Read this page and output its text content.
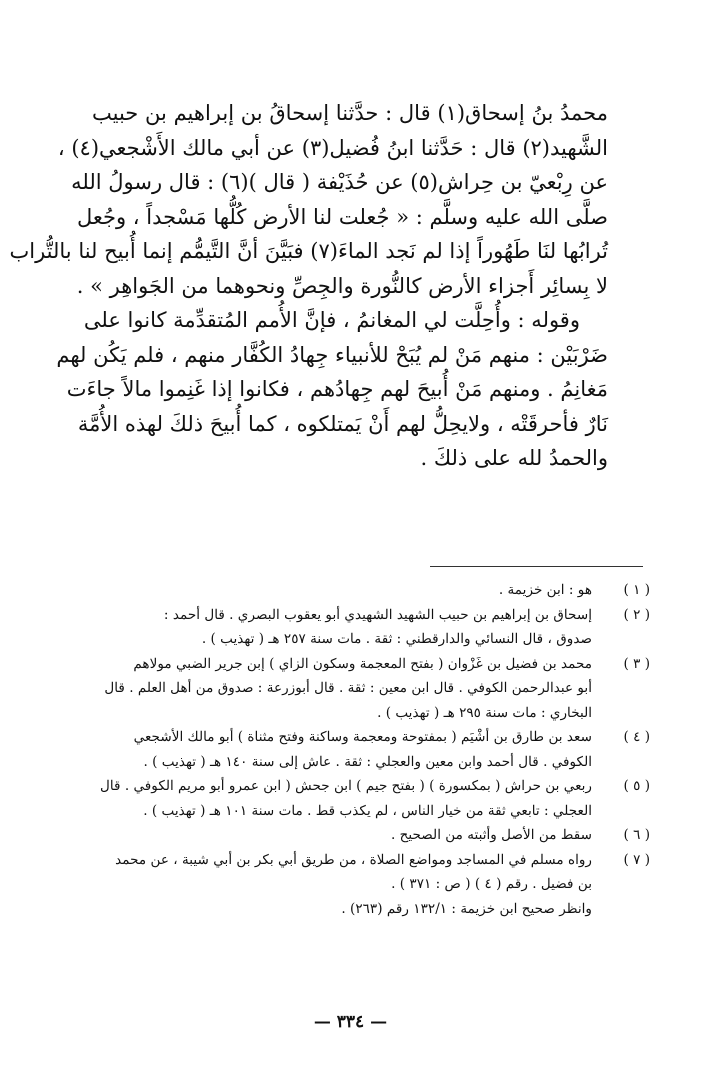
محمدُ بنُ إسحاق(١) قال : حدَّثنا إسحاقُ بن إبراهيم بن حبيب
الشَّهيد(٢) قال : حَدَّثنا ابنُ فُضيل(٣) عن أبي مالك الأَشْجعي(٤) ،
عن رِبْعيّ بن حِراش(٥) عن حُذَيْفة ( قال )(٦) : قال رسولُ الله
صلَّى الله عليه وسلَّم : « جُعلت لنا الأرض كُلُّها مَسْجداً ، وجُعل
تُرابُها لنَا طَهُوراً إذا لم نَجد الماءَ(٧) فبَيَّنَ أنَّ التَّيمُّم إنما أُبيح لنا بالتُّراب
لا بِسائِر أَجزاء الأرض كالنُّورة والجِصِّ ونحوهما من الجَواهِر » .

وقوله : وأُحِلَّت لي المغانمُ ، فإنَّ الأُمم المُتقدِّمة كانوا على
ضَرْبَيْن : منهم مَنْ لم يُبَحْ للأنبياء جِهادُ الكُفَّار منهم ، فلم يَكُن لهم
مَغانِمُ . ومنهم مَنْ أُبيحَ لهم جِهادُهم ، فكانوا إذا غَنِموا مالاً جاءَت
نَارٌ فأحرقَتْه ، ولايحِلُّ لهم أَنْ يَمتلكوه ، كما أُبيحَ ذلكَ لهذه الأُمَّة
والحمدُ لله على ذلكَ .

( ١ )
هو : ابن خزيمة .
( ٢ )
إسحاق بن إبراهيم بن حبيب الشهيد الشهيدي أبو يعقوب البصري . قال أحمد :
صدوق ، قال النسائي والدارقطني : ثقة . مات سنة ٢٥٧ هـ ( تهذيب ) .
( ٣ )
محمد بن فضيل بن غَزْوان ( بفتح المعجمة وسكون الزاي ) إبن جرير الضبي مولاهم
أبو عبدالرحمن الكوفي . قال ابن معين : ثقة . قال أبوزرعة : صدوق من أهل العلم . قال
البخاري : مات سنة ٢٩٥ هـ ( تهذيب ) .
( ٤ )
سعد بن طارق بن أشْيَم ( بمفتوحة ومعجمة وساكنة وفتح مثناة ) أبو مالك الأشجعي
الكوفي . قال أحمد وابن معين والعجلي : ثقة . عاش إلى سنة ١٤٠ هـ ( تهذيب ) .
( ٥ )
ربعي بن حراش ( بمكسورة ) ( بفتح جيم ) ابن جحش ( ابن عمرو أبو مريم الكوفي . قال
العجلي : تابعي ثقة من خيار الناس ، لم يكذب قط . مات سنة ١٠١ هـ ( تهذيب ) .
( ٦ )
سقط من الأصل وأثبته من الصحيح .
( ٧ )
رواه مسلم في المساجد ومواضع الصلاة ، من طريق أبي بكر بن أبي شيبة ، عن محمد
بن فضيل . رقم ( ٤ ) ( ص : ٣٧١ ) .
وانظر صحيح ابن خزيمة : ١٣٢/١ رقم (٢٦٣) .
— ٣٣٤ —
